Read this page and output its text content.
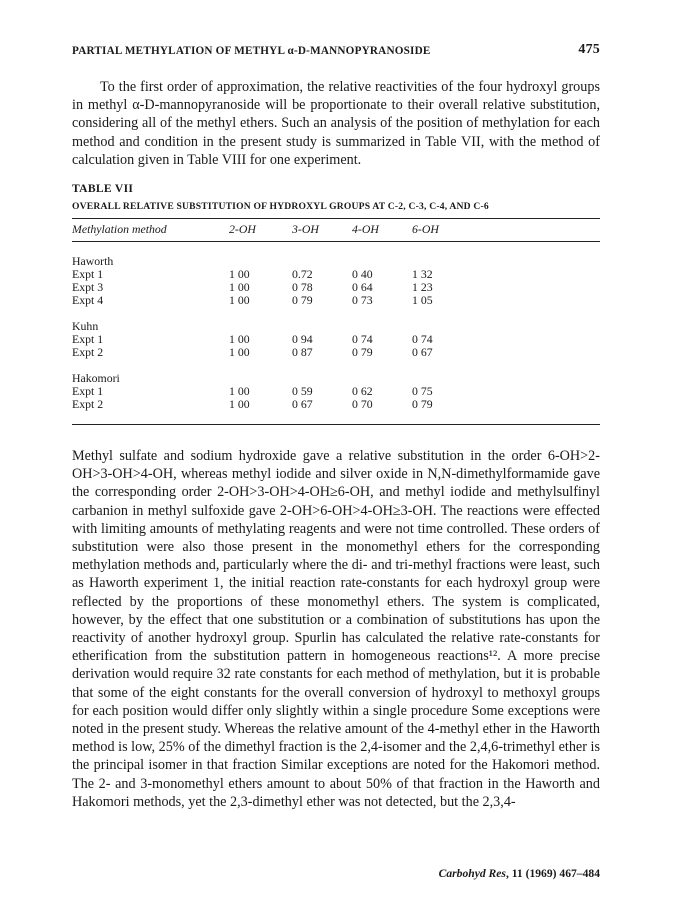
PARTIAL METHYLATION OF METHYL α-D-MANNOPYRANOSIDE	475

To the first order of approximation, the relative reactivities of the four hydroxyl groups in methyl α-D-mannopyranoside will be proportionate to their overall relative substitution, considering all of the methyl ethers. Such an analysis of the position of methylation for each method and condition in the present study is summarized in Table VII, with the method of calculation given in Table VIII for one experiment.

TABLE VII
OVERALL RELATIVE SUBSTITUTION OF HYDROXYL GROUPS AT C-2, C-3, C-4, AND C-6
Methylation method	2-OH	3-OH	4-OH	6-OH

Haworth				
Expt 1	1 00	0.72	0 40	1 32
Expt 3	1 00	0 78	0 64	1 23
Expt 4	1 00	0 79	0 73	1 05

Kuhn				
Expt 1	1 00	0 94	0 74	0 74
Expt 2	1 00	0 87	0 79	0 67

Hakomori				
Expt 1	1 00	0 59	0 62	0 75
Expt 2	1 00	0 67	0 70	0 79

Methyl sulfate and sodium hydroxide gave a relative substitution in the order 6-OH>2-OH>3-OH>4-OH, whereas methyl iodide and silver oxide in N,N-dimethylformamide gave the corresponding order 2-OH>3-OH>4-OH≥6-OH, and methyl iodide and methylsulfinyl carbanion in methyl sulfoxide gave 2-OH>6-OH>4-OH≥3-OH. The reactions were effected with limiting amounts of methylating reagents and were not time controlled. These orders of substitution were also those present in the monomethyl ethers for the corresponding methylation methods and, particularly where the di- and tri-methyl fractions were least, such as Haworth experiment 1, the initial reaction rate-constants for each hydroxyl group were reflected by the proportions of these monomethyl ethers. The system is complicated, however, by the effect that one substitution or a combination of substitutions has upon the reactivity of another hydroxyl group. Spurlin has calculated the relative rate-constants for etherification from the substitution pattern in homogeneous reactions¹². A more precise derivation would require 32 rate constants for each method of methylation, but it is probable that some of the eight constants for the overall conversion of hydroxyl to methoxyl groups for each position would differ only slightly within a single procedure Some exceptions were noted in the present study. Whereas the relative amount of the 4-methyl ether in the Haworth method is low, 25% of the dimethyl fraction is the 2,4-isomer and the 2,4,6-trimethyl ether is the principal isomer in that fraction Similar exceptions are noted for the Hakomori method. The 2- and 3-monomethyl ethers amount to about 50% of that fraction in the Haworth and Hakomori methods, yet the 2,3-dimethyl ether was not detected, but the 2,3,4-

Carbohyd Res, 11 (1969) 467–484
